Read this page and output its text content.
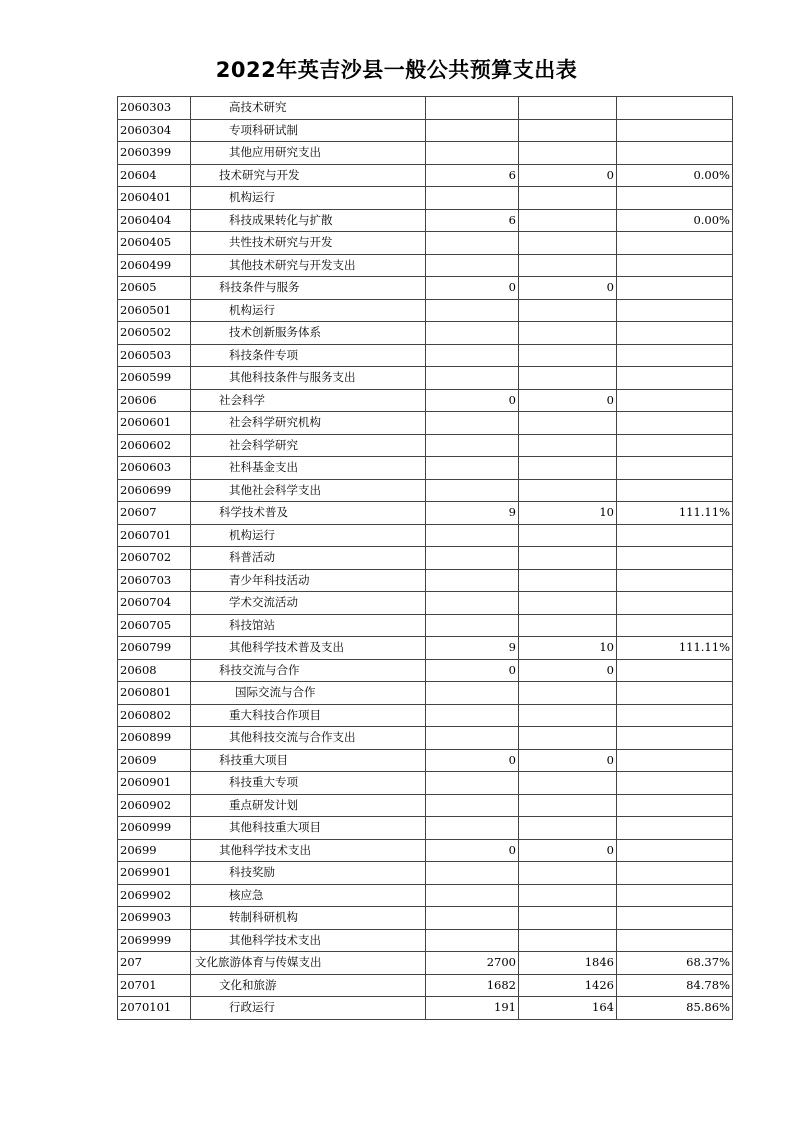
2022年英吉沙县一般公共预算支出表
2060303	高技术研究			
2060304	专项科研试制			
2060399	其他应用研究支出			
20604	技术研究与开发	6	0	0.00%
2060401	机构运行			
2060404	科技成果转化与扩散	6		0.00%
2060405	共性技术研究与开发			
2060499	其他技术研究与开发支出			
20605	科技条件与服务	0	0	
2060501	机构运行			
2060502	技术创新服务体系			
2060503	科技条件专项			
2060599	其他科技条件与服务支出			
20606	社会科学	0	0	
2060601	社会科学研究机构			
2060602	社会科学研究			
2060603	社科基金支出			
2060699	其他社会科学支出			
20607	科学技术普及	9	10	111.11%
2060701	机构运行			
2060702	科普活动			
2060703	青少年科技活动			
2060704	学术交流活动			
2060705	科技馆站			
2060799	其他科学技术普及支出	9	10	111.11%
20608	科技交流与合作	0	0	
2060801	国际交流与合作			
2060802	重大科技合作项目			
2060899	其他科技交流与合作支出			
20609	科技重大项目	0	0	
2060901	科技重大专项			
2060902	重点研发计划			
2060999	其他科技重大项目			
20699	其他科学技术支出	0	0	
2069901	科技奖励			
2069902	核应急			
2069903	转制科研机构			
2069999	其他科学技术支出			
207	文化旅游体育与传媒支出	2700	1846	68.37%
20701	文化和旅游	1682	1426	84.78%
2070101	行政运行	191	164	85.86%
